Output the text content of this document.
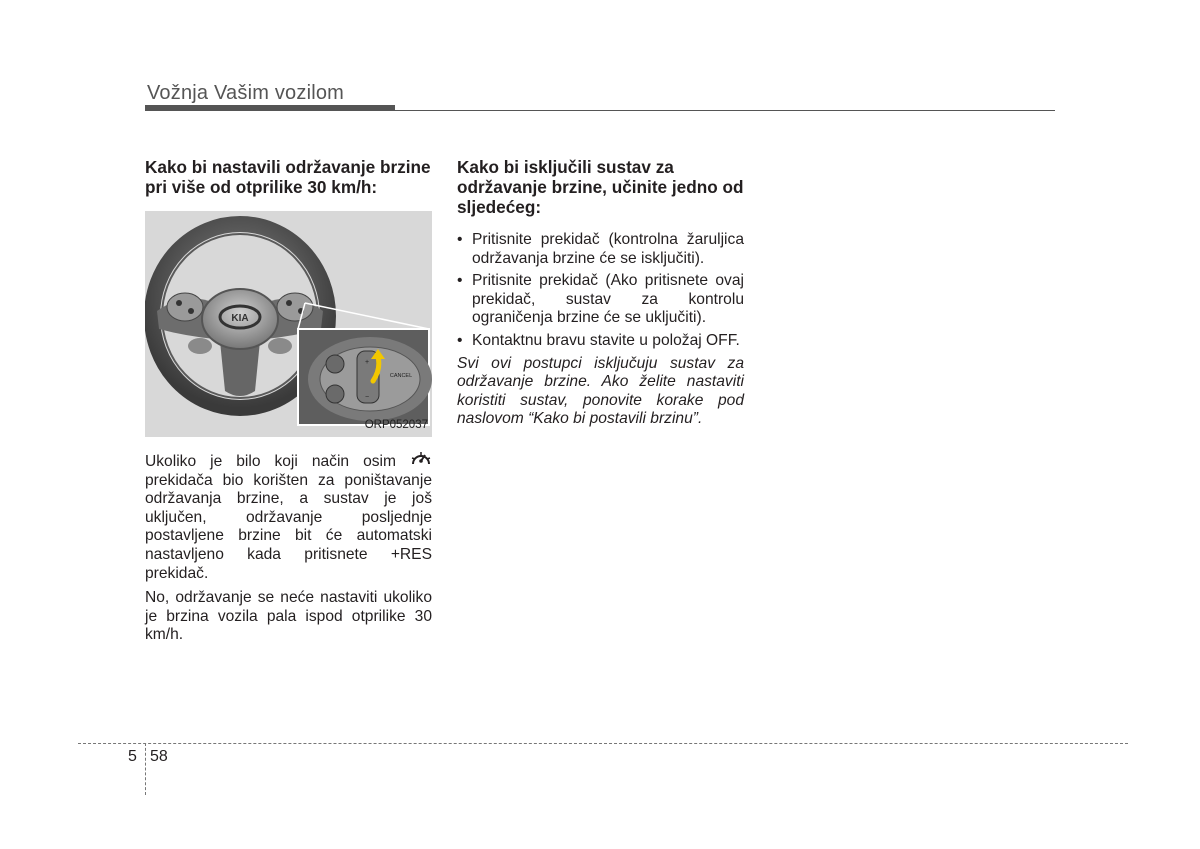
Vožnja Vašim vozilom
Kako bi nastavili održavanje brzine pri više od otprilike 30 km/h:
KIA
+
−
CANCEL
ORP052037
Ukoliko je bilo koji način osim  prekidača bio korišten za poništavanje održavanja brzine, a sustav je još uključen, održavanje posljednje postavljene brzine bit će automatski nastavljeno kada pritisnete +RES prekidač.
No, održavanje se neće nastaviti ukoliko je brzina vozila pala ispod otprilike 30 km/h.
Kako bi isključili sustav za održavanje brzine, učinite jedno od sljedećeg:
• Pritisnite prekidač (kontrolna žaruljica održavanja brzine će se isključiti).
• Pritisnite prekidač (Ako pritisnete ovaj prekidač, sustav za kontrolu ograničenja brzine će se uključiti).
• Kontaktnu bravu stavite u položaj OFF.
Svi ovi postupci isključuju sustav za održavanje brzine. Ako želite nastaviti koristiti sustav, ponovite korake pod naslovom “Kako bi postavili brzinu”.
5 58
